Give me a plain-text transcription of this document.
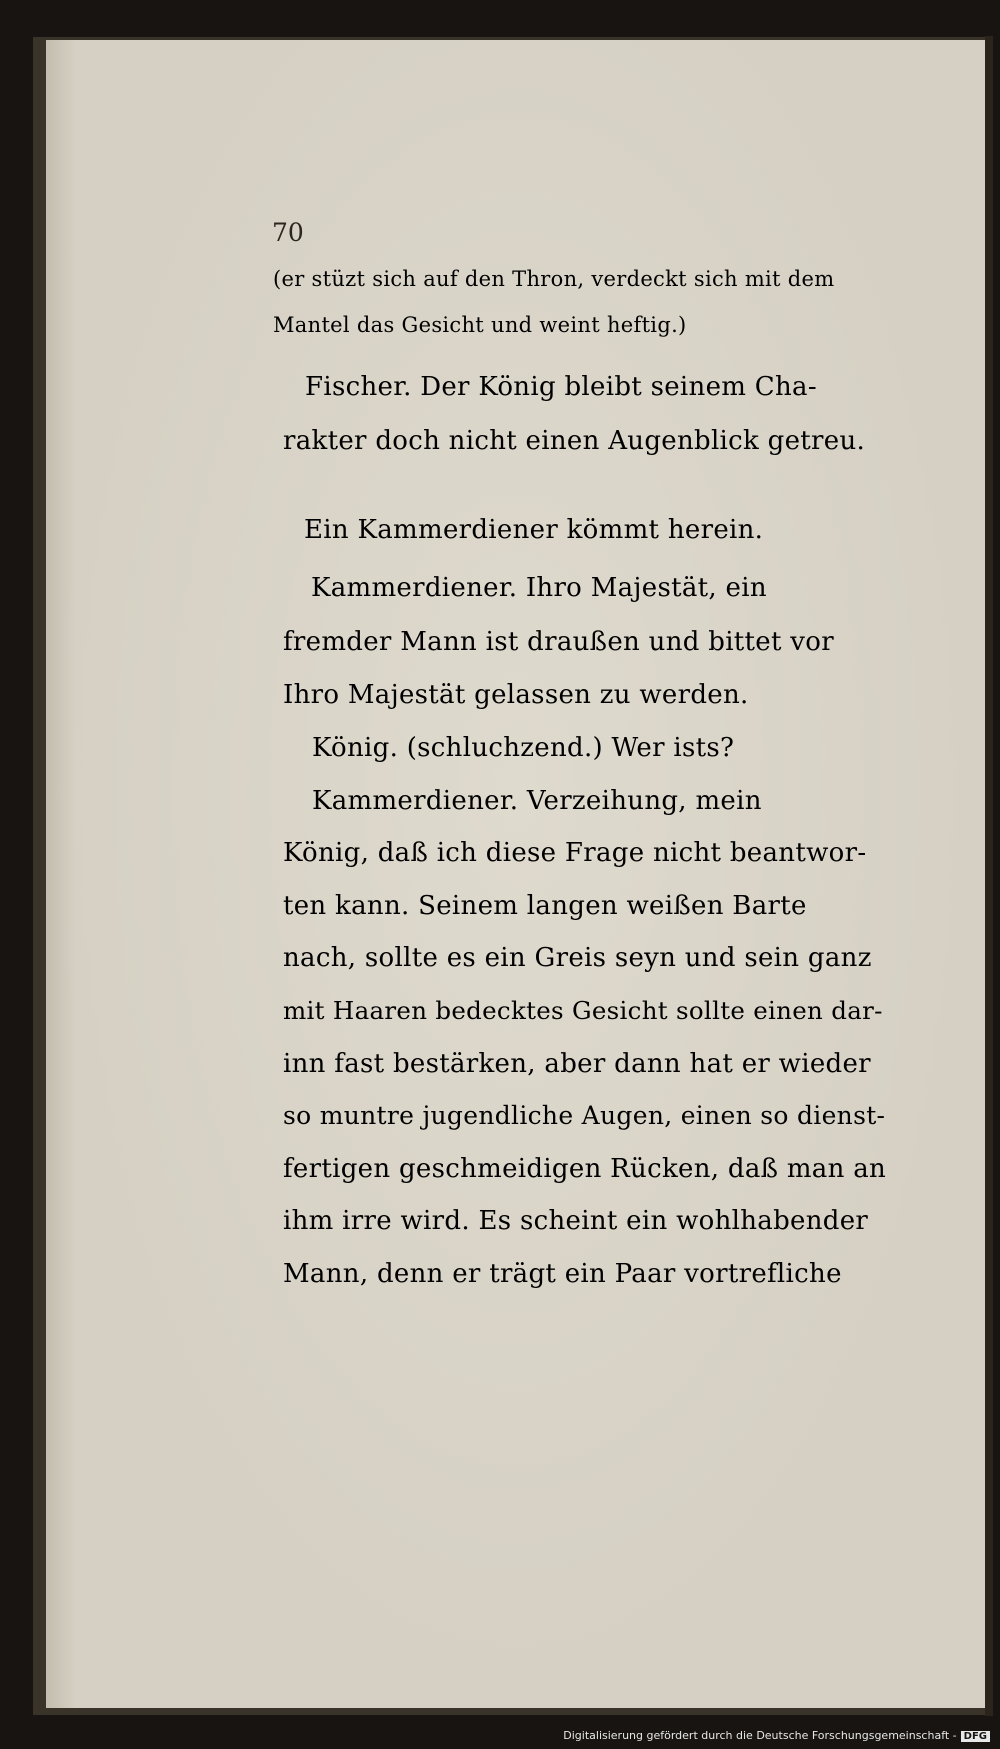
70
(er stüzt sich auf den Thron, verdeckt sich mit dem
Mantel das Gesicht und weint heftig.)
Fischer. Der König bleibt seinem Cha-
rakter doch nicht einen Augenblick getreu.
Ein Kammerdiener kömmt herein.
Kammerdiener. Ihro Majestät, ein
fremder Mann ist draußen und bittet vor
Ihro Majestät gelassen zu werden.
König. (schluchzend.) Wer ists?
Kammerdiener. Verzeihung, mein
König, daß ich diese Frage nicht beantwor-
ten kann. Seinem langen weißen Barte
nach, sollte es ein Greis seyn und sein ganz
mit Haaren bedecktes Gesicht sollte einen dar-
inn fast bestärken, aber dann hat er wieder
so muntre jugendliche Augen, einen so dienst-
fertigen geschmeidigen Rücken, daß man an
ihm irre wird. Es scheint ein wohlhabender
Mann, denn er trägt ein Paar vortrefliche
Digitalisierung gefördert durch die Deutsche Forschungsgemeinschaft - DFG
